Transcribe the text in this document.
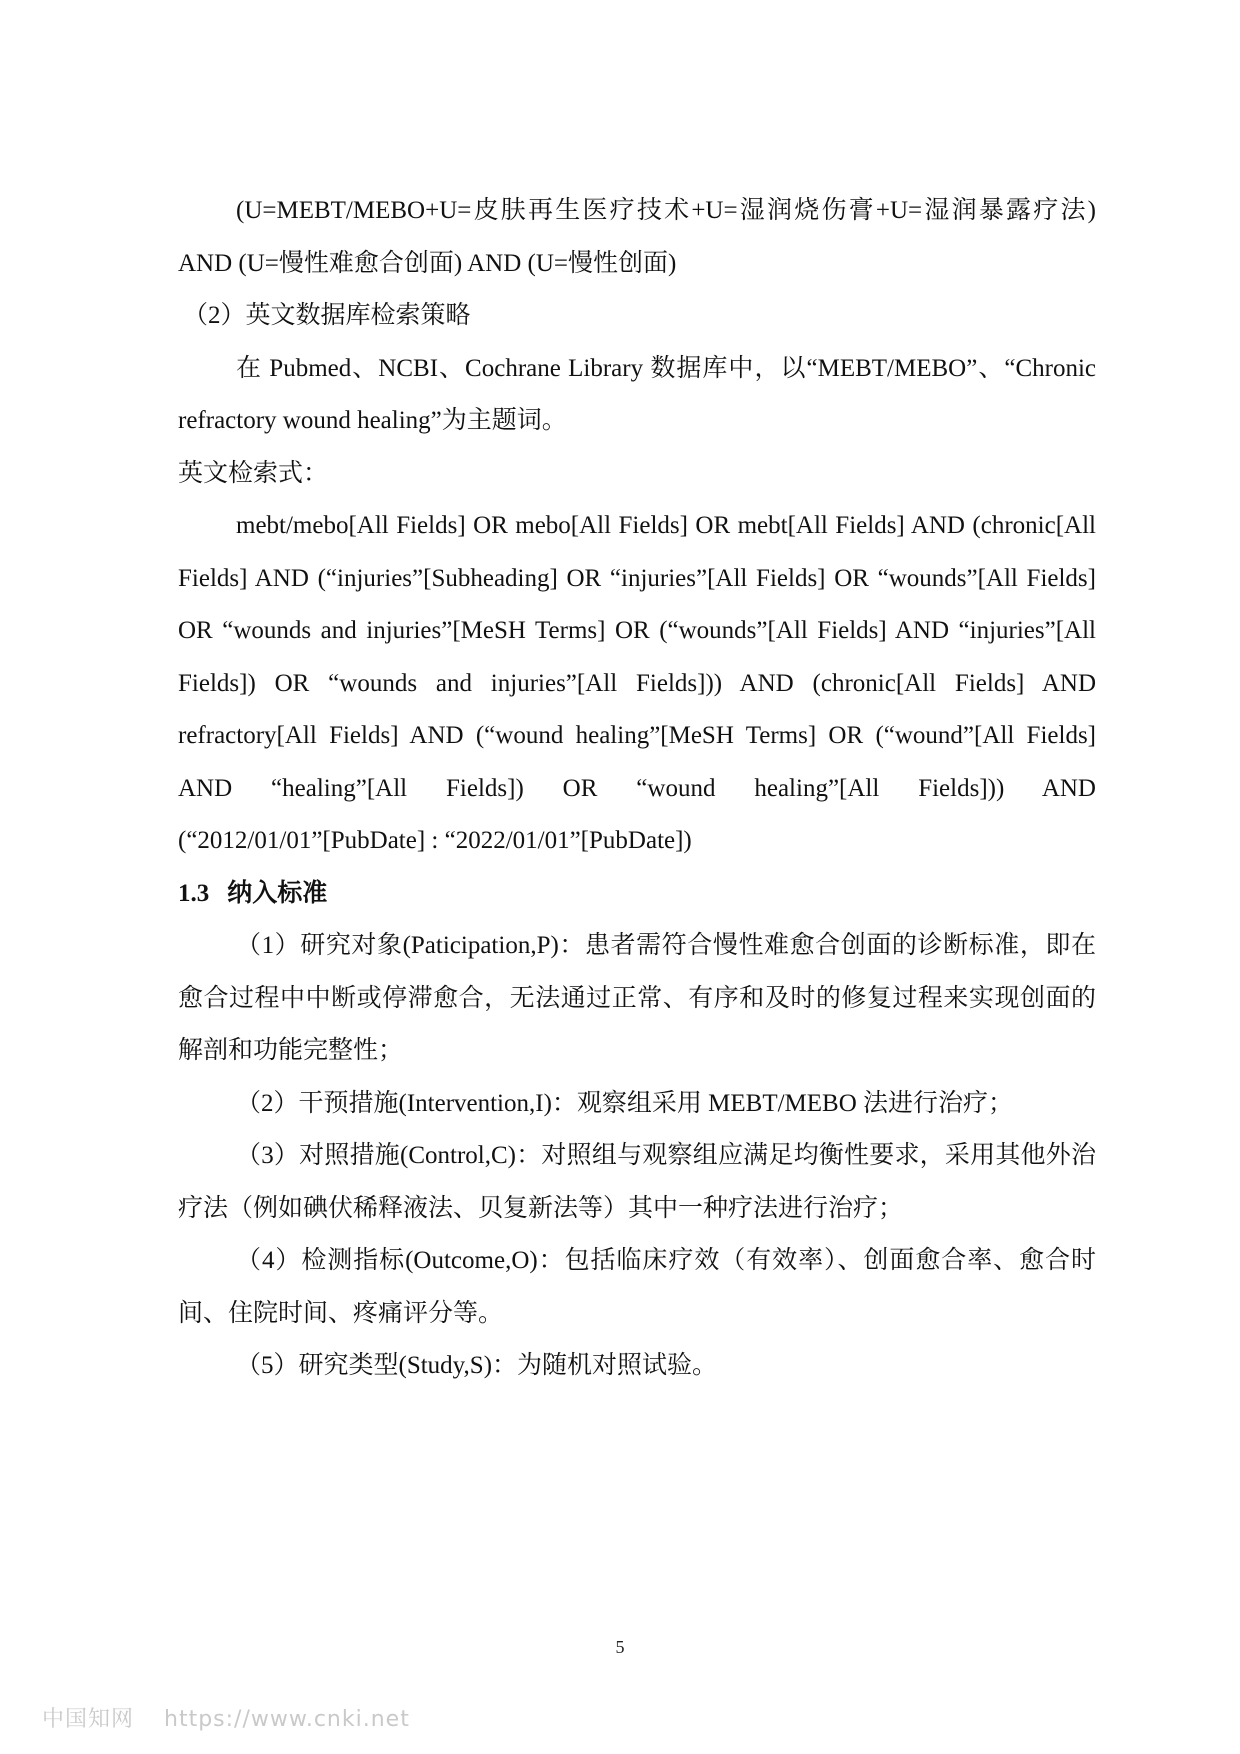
(U=MEBT/MEBO+U=皮肤再生医疗技术+U=湿润烧伤膏+U=湿润暴露疗法) AND (U=慢性难愈合创面) AND (U=慢性创面)

（2）英文数据库检索策略

在 Pubmed、NCBI、Cochrane Library 数据库中，以“MEBT/MEBO”、“Chronic refractory wound healing”为主题词。

英文检索式：

mebt/mebo[All Fields] OR mebo[All Fields] OR mebt[All Fields] AND (chronic[All Fields] AND (“injuries”[Subheading] OR “injuries”[All Fields] OR “wounds”[All Fields] OR “wounds and injuries”[MeSH Terms] OR (“wounds”[All Fields] AND “injuries”[All Fields]) OR “wounds and injuries”[All Fields])) AND (chronic[All Fields] AND refractory[All Fields] AND (“wound healing”[MeSH Terms] OR (“wound”[All Fields] AND “healing”[All Fields]) OR “wound healing”[All Fields])) AND (“2012/01/01”[PubDate] : “2022/01/01”[PubDate])

1.3 纳入标准

（1）研究对象(Paticipation,P)：患者需符合慢性难愈合创面的诊断标准，即在愈合过程中中断或停滞愈合，无法通过正常、有序和及时的修复过程来实现创面的解剖和功能完整性；

（2）干预措施(Intervention,I)：观察组采用 MEBT/MEBO 法进行治疗；

（3）对照措施(Control,C)：对照组与观察组应满足均衡性要求，采用其他外治疗法（例如碘伏稀释液法、贝复新法等）其中一种疗法进行治疗；

（4）检测指标(Outcome,O)：包括临床疗效（有效率）、创面愈合率、愈合时间、住院时间、疼痛评分等。

（5）研究类型(Study,S)：为随机对照试验。

5
中国知网 https://www.cnki.net
